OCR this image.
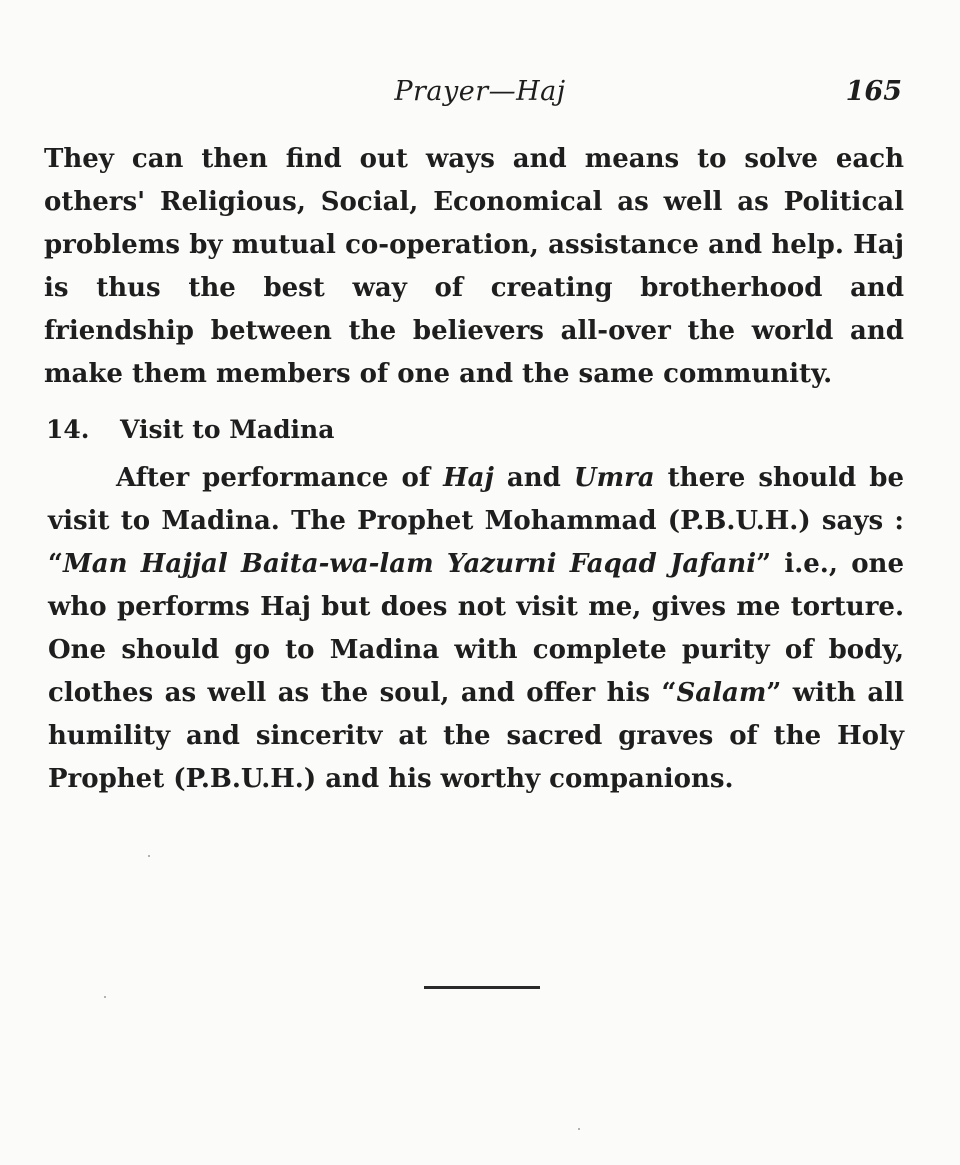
Prayer—Haj	165

They can then find out ways and means to solve each others' Religious, Social, Economical as well as Political problems by mutual co-operation, assistance and help. Haj is thus the best way of creating brotherhood and friendship between the believers all-over the world and make them members of one and the same community.

14. Visit to Madina

After performance of Haj and Umra there should be visit to Madina. The Prophet Mohammad (P.B.U.H.) says : “Man Hajjal Baita-wa-lam Yazurni Faqad Jafani” i.e., one who performs Haj but does not visit me, gives me torture. One should go to Madina with complete purity of body, clothes as well as the soul, and offer his “Salam” with all humility and sinceritv at the sacred graves of the Holy Prophet (P.B.U.H.) and his worthy companions.
